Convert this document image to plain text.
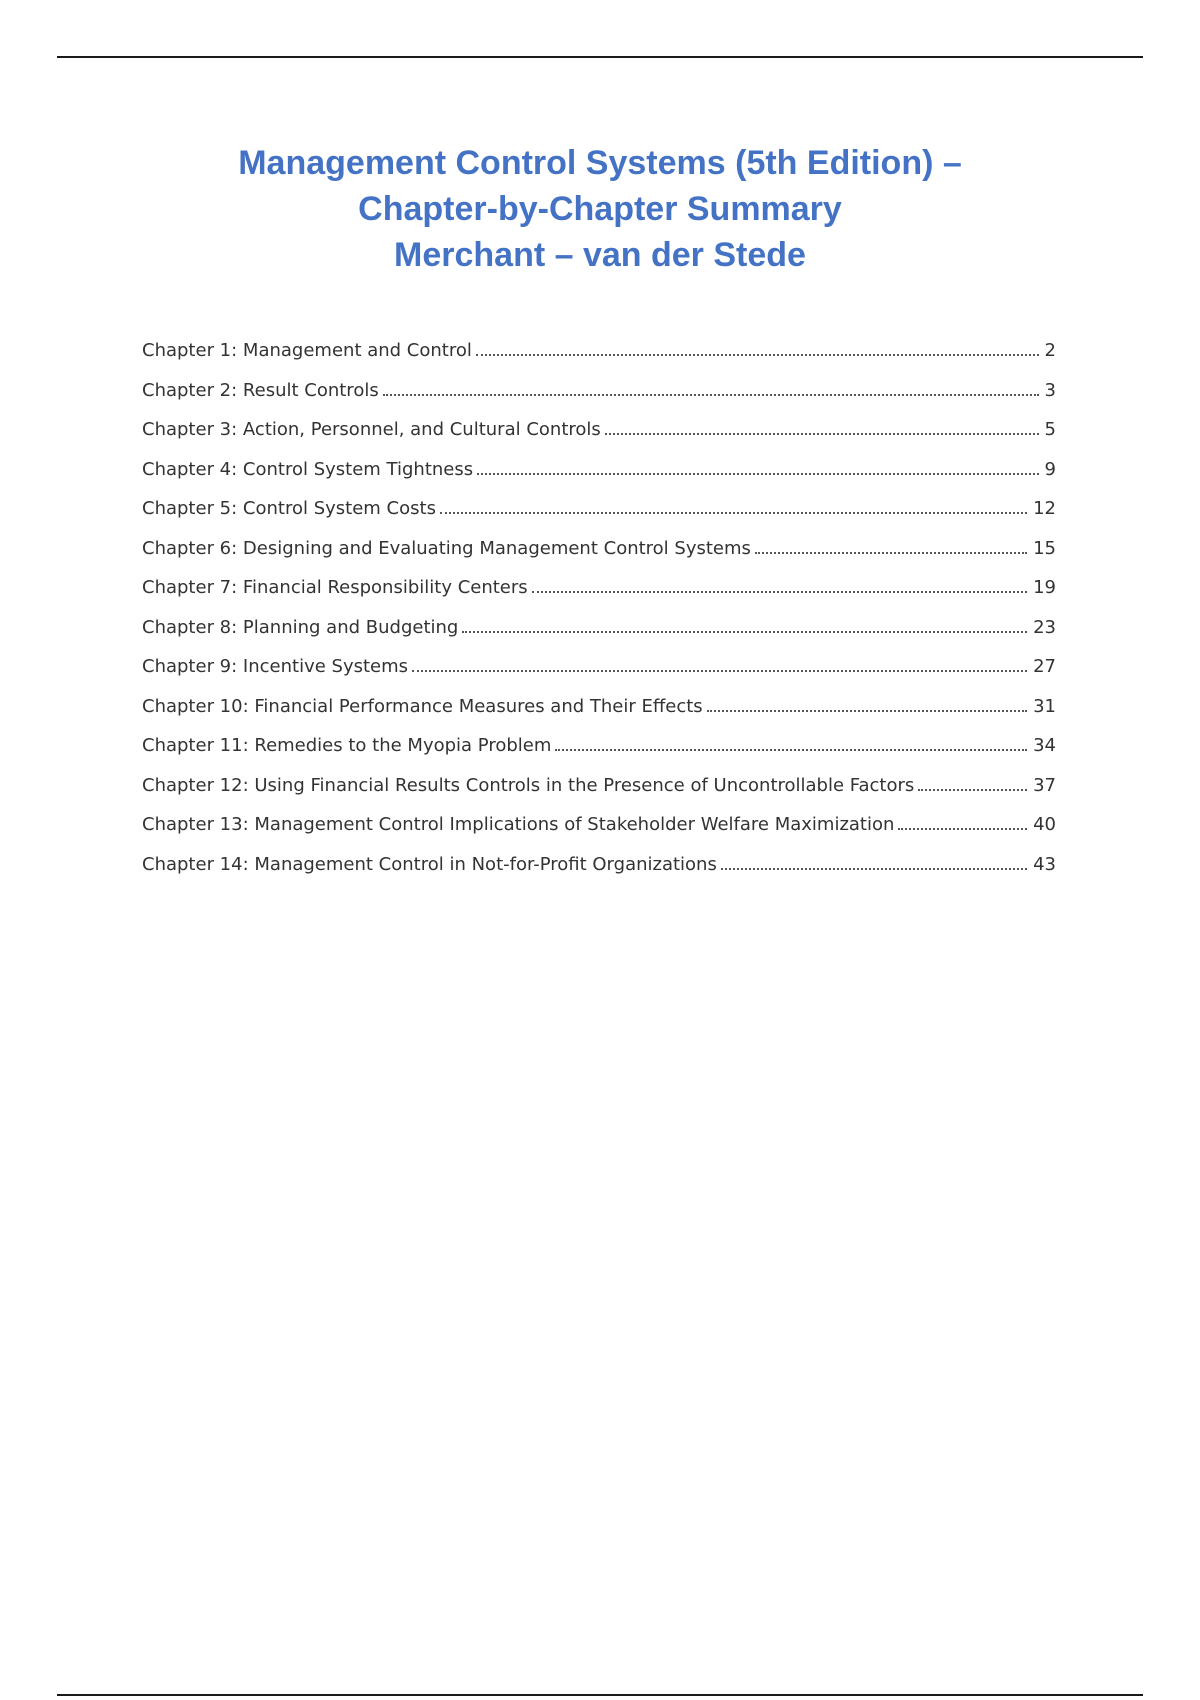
Management Control Systems (5th Edition) –
Chapter-by-Chapter Summary
Merchant – van der Stede
Chapter 1: Management and Control	2
Chapter 2: Result Controls	3
Chapter 3: Action, Personnel, and Cultural Controls	5
Chapter 4: Control System Tightness	9
Chapter 5: Control System Costs	12
Chapter 6: Designing and Evaluating Management Control Systems	15
Chapter 7: Financial Responsibility Centers	19
Chapter 8: Planning and Budgeting	23
Chapter 9: Incentive Systems	27
Chapter 10: Financial Performance Measures and Their Effects	31
Chapter 11: Remedies to the Myopia Problem	34
Chapter 12: Using Financial Results Controls in the Presence of Uncontrollable Factors	37
Chapter 13: Management Control Implications of Stakeholder Welfare Maximization	40
Chapter 14: Management Control in Not-for-Profit Organizations	43
